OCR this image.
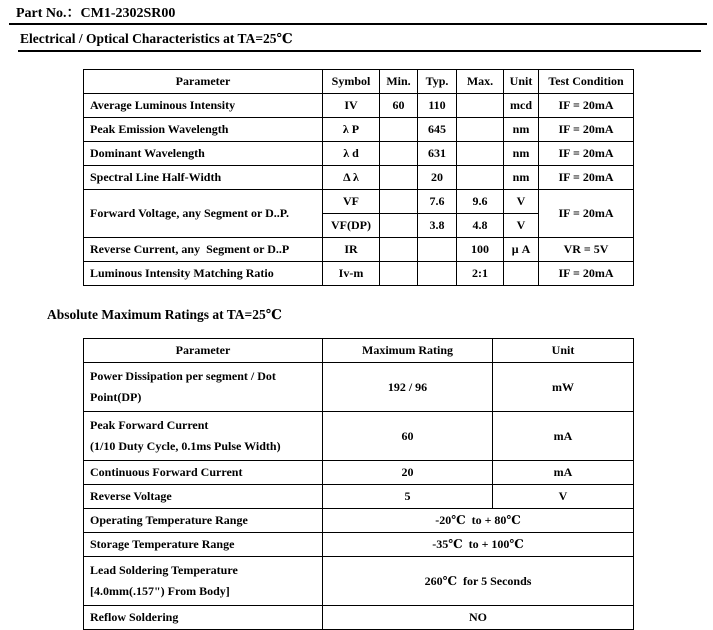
Part No.：CM1-2302SR00
Electrical / Optical Characteristics at TA=25℃
Parameter	Symbol	Min.	Typ.	Max.	Unit	Test Condition
Average Luminous Intensity	IV	60	110		mcd	IF = 20mA
Peak Emission Wavelength	λ P		645		nm	IF = 20mA
Dominant Wavelength	λ d		631		nm	IF = 20mA
Spectral Line Half-Width	Δ λ		20		nm	IF = 20mA
Forward Voltage, any Segment or D..P.	VF		7.6	9.6	V	IF = 20mA
	VF(DP)		3.8	4.8	V	
Reverse Current, any  Segment or D..P	IR			100	μ A	VR = 5V
Luminous Intensity Matching Ratio	Iv-m			2:1		IF = 20mA
Absolute Maximum Ratings at TA=25℃
Parameter	Maximum Rating	Unit

Power Dissipation per segment / Dot
Point(DP)	192 / 96	mW

Peak Forward Current
(1/10 Duty Cycle, 0.1ms Pulse Width)	60	mA
Continuous Forward Current	20	mA
Reverse Voltage	5	V
Operating Temperature Range	-20℃  to + 80℃	
Storage Temperature Range	-35℃  to + 100℃	

Lead Soldering Temperature
[4.0mm(.157") From Body]	260℃  for 5 Seconds	
Reflow Soldering	NO	
